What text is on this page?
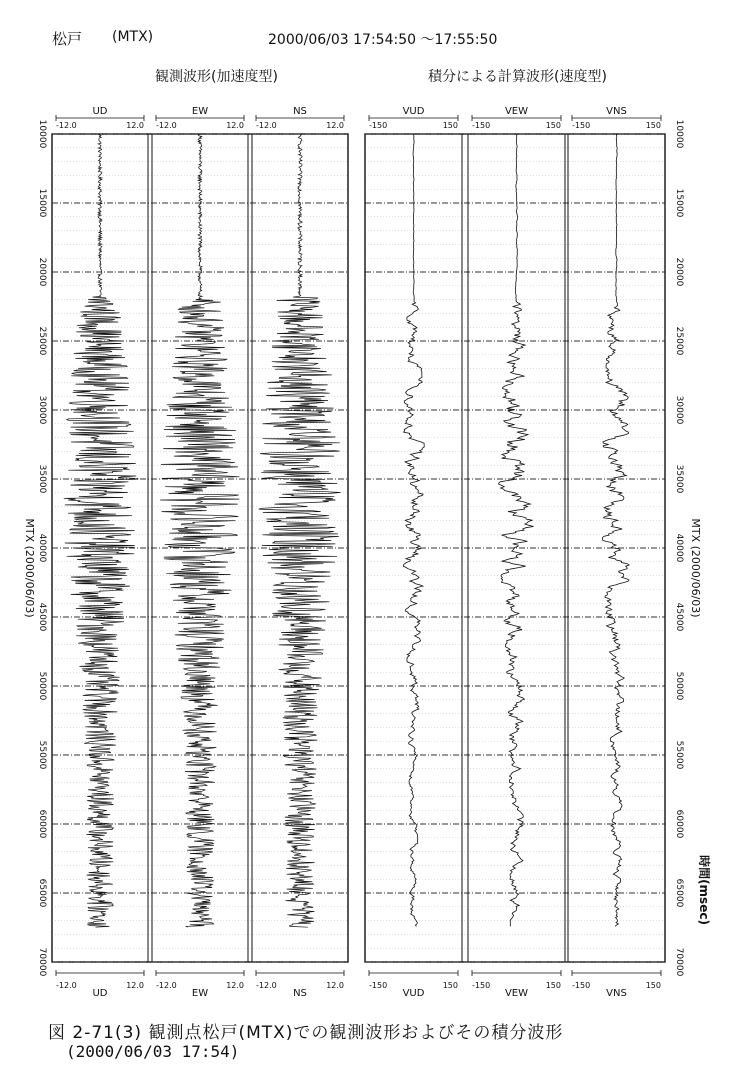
松戸 (MTX)	2000/06/03 17:54:50 ～17:55:50
観測波形(加速度型)	積分による計算波形(速度型)
10000	10000
15000	15000
20000	20000
25000	25000
30000	30000
35000	35000
40000	40000
45000	45000
50000	50000
55000	55000
60000	60000
65000	65000
70000	70000
MTX (2000/06/03)	MTX (2000/06/03)
時間(msec)
-12.0	12.0
-12.0	12.0
UD
UD
-12.0	12.0
-12.0	12.0
EW
EW
-12.0	12.0
-12.0	12.0
NS
NS
-150	150
-150	150
VUD
VUD
-150	150
-150	150
VEW
VEW
-150	150
-150	150
VNS
VNS
図 2-71(3) 観測点松戸(MTX)での観測波形およびその積分波形
(2000/06/03 17:54)
